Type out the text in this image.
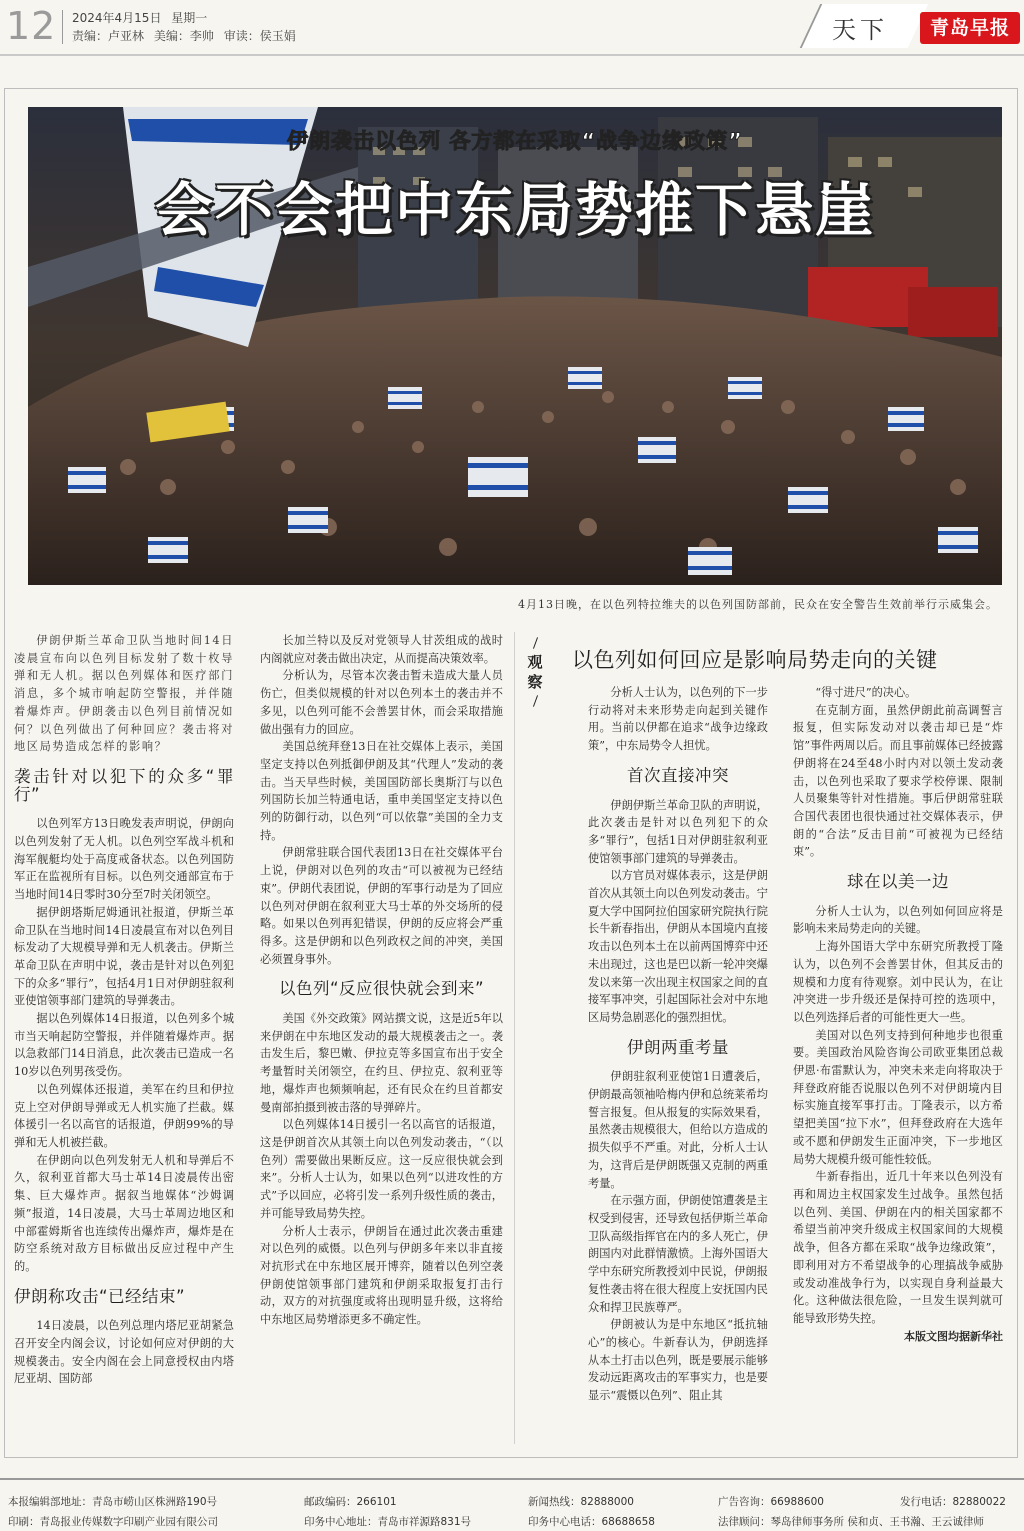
12 2024年4月15日 星期一
责编：卢亚林 美编：李帅 审读：侯玉娟	天下	青岛早报
伊朗袭击以色列 各方都在采取“战争边缘政策”
会不会把中东局势推下悬崖
4月13日晚，在以色列特拉维夫的以色列国防部前，民众在安全警告生效前举行示威集会。

伊朗伊斯兰革命卫队当地时间14日凌晨宣布向以色列目标发射了数十枚导弹和无人机。据以色列媒体和医疗部门消息，多个城市响起防空警报，并伴随着爆炸声。伊朗袭击以色列目前情况如何？以色列做出了何种回应？袭击将对地区局势造成怎样的影响？

袭击针对以犯下的众多“罪行”

以色列军方13日晚发表声明说，伊朗向以色列发射了无人机。以色列空军战斗机和海军舰艇均处于高度戒备状态。以色列国防军正在监视所有目标。以色列交通部宣布于当地时间14日零时30分至7时关闭领空。

据伊朗塔斯尼姆通讯社报道，伊斯兰革命卫队在当地时间14日凌晨宣布对以色列目标发动了大规模导弹和无人机袭击。伊斯兰革命卫队在声明中说，袭击是针对以色列犯下的众多“罪行”，包括4月1日对伊朗驻叙利亚使馆领事部门建筑的导弹袭击。

据以色列媒体14日报道，以色列多个城市当天响起防空警报，并伴随着爆炸声。据以急救部门14日消息，此次袭击已造成一名10岁以色列男孩受伤。

以色列媒体还报道，美军在约旦和伊拉克上空对伊朗导弹或无人机实施了拦截。媒体援引一名以高官的话报道，伊朗99%的导弹和无人机被拦截。

在伊朗向以色列发射无人机和导弹后不久，叙利亚首都大马士革14日凌晨传出密集、巨大爆炸声。据叙当地媒体“沙姆调频”报道，14日凌晨，大马士革周边地区和中部霍姆斯省也连续传出爆炸声，爆炸是在防空系统对敌方目标做出反应过程中产生的。

伊朗称攻击“已经结束”

14日凌晨，以色列总理内塔尼亚胡紧急召开安全内阁会议，讨论如何应对伊朗的大规模袭击。安全内阁在会上同意授权由内塔尼亚胡、国防部

长加兰特以及反对党领导人甘茨组成的战时内阁就应对袭击做出决定，从而提高决策效率。

分析认为，尽管本次袭击暂未造成大量人员伤亡，但类似规模的针对以色列本土的袭击并不多见，以色列可能不会善罢甘休，而会采取措施做出强有力的回应。

美国总统拜登13日在社交媒体上表示，美国坚定支持以色列抵御伊朗及其“代理人”发动的袭击。当天早些时候，美国国防部长奥斯汀与以色列国防长加兰特通电话，重申美国坚定支持以色列的防御行动，以色列“可以依靠”美国的全力支持。

伊朗常驻联合国代表团13日在社交媒体平台上说，伊朗对以色列的攻击“可以被视为已经结束”。伊朗代表团说，伊朗的军事行动是为了回应以色列对伊朗在叙利亚大马士革的外交场所的侵略。如果以色列再犯错误，伊朗的反应将会严重得多。这是伊朗和以色列政权之间的冲突，美国必须置身事外。

以色列“反应很快就会到来”

美国《外交政策》网站撰文说，这是近5年以来伊朗在中东地区发动的最大规模袭击之一。袭击发生后，黎巴嫩、伊拉克等多国宣布出于安全考量暂时关闭领空，在约旦、伊拉克、叙利亚等地，爆炸声也频频响起，还有民众在约旦首都安曼南部拍摄到被击落的导弹碎片。

以色列媒体14日援引一名以高官的话报道，这是伊朗首次从其领土向以色列发动袭击，“（以色列）需要做出果断反应。这一反应很快就会到来”。分析人士认为，如果以色列“以进攻性的方式”予以回应，必将引发一系列升级性质的袭击，并可能导致局势失控。

分析人士表示，伊朗旨在通过此次袭击重建对以色列的威慑。以色列与伊朗多年来以非直接对抗形式在中东地区展开博弈，随着以色列空袭伊朗使馆领事部门建筑和伊朗采取报复打击行动，双方的对抗强度或将出现明显升级，这将给中东地区局势增添更多不确定性。

观察
以色列如何回应是影响局势走向的关键

分析人士认为，以色列的下一步行动将对未来形势走向起到关键作用。当前以伊都在追求“战争边缘政策”，中东局势令人担忧。

首次直接冲突

伊朗伊斯兰革命卫队的声明说，此次袭击是针对以色列犯下的众多“罪行”，包括1日对伊朗驻叙利亚使馆领事部门建筑的导弹袭击。

以方官员对媒体表示，这是伊朗首次从其领土向以色列发动袭击。宁夏大学中国阿拉伯国家研究院执行院长牛新春指出，伊朗从本国境内直接攻击以色列本土在以前两国博弈中还未出现过，这也是巴以新一轮冲突爆发以来第一次出现主权国家之间的直接军事冲突，引起国际社会对中东地区局势急剧恶化的强烈担忧。

伊朗两重考量

伊朗驻叙利亚使馆1日遭袭后，伊朗最高领袖哈梅内伊和总统莱希均誓言报复。但从报复的实际效果看，虽然袭击规模很大，但给以方造成的损失似乎不严重。对此，分析人士认为，这背后是伊朗既强又克制的两重考量。

在示强方面，伊朗使馆遭袭是主权受到侵害，还导致包括伊斯兰革命卫队高级指挥官在内的多人死亡，伊朗国内对此群情激愤。上海外国语大学中东研究所教授刘中民说，伊朗报复性袭击将在很大程度上安抚国内民众和捍卫民族尊严。

伊朗被认为是中东地区“抵抗轴心”的核心。牛新春认为，伊朗选择从本土打击以色列，既是要展示能够发动远距离攻击的军事实力，也是要显示“震慑以色列”、阻止其

“得寸进尺”的决心。

在克制方面，虽然伊朗此前高调誓言报复，但实际发动对以袭击却已是“炸馆”事件两周以后。而且事前媒体已经披露伊朗将在24至48小时内对以领土发动袭击，以色列也采取了要求学校停课、限制人员聚集等针对性措施。事后伊朗常驻联合国代表团也很快通过社交媒体表示，伊朗的“合法”反击目前“可被视为已经结束”。

球在以美一边

分析人士认为，以色列如何回应将是影响未来局势走向的关键。

上海外国语大学中东研究所教授丁隆认为，以色列不会善罢甘休，但其反击的规模和力度有待观察。刘中民认为，在让冲突进一步升级还是保持可控的选项中，以色列选择后者的可能性更大一些。

美国对以色列支持到何种地步也很重要。美国政治风险咨询公司欧亚集团总裁伊恩·布雷默认为，冲突未来走向将取决于拜登政府能否说服以色列不对伊朗境内目标实施直接军事打击。丁隆表示，以方希望把美国“拉下水”，但拜登政府在大选年或不愿和伊朗发生正面冲突，下一步地区局势大规模升级可能性较低。

牛新春指出，近几十年来以色列没有再和周边主权国家发生过战争。虽然包括以色列、美国、伊朗在内的相关国家都不希望当前冲突升级成主权国家间的大规模战争，但各方都在采取“战争边缘政策”，即利用对方不希望战争的心理搞战争威胁或发动准战争行为，以实现自身利益最大化。这种做法很危险，一旦发生误判就可能导致形势失控。

本版文图均据新华社

本报编辑部地址：青岛市崂山区株洲路190号	邮政编码：266101	新闻热线：82888000	广告咨询：66988600	发行电话：82880022
印刷：青岛报业传媒数字印刷产业园有限公司	印务中心地址：青岛市祥源路831号	印务中心电话：68688658	法律顾问：琴岛律师事务所 侯和贞、王书瀚、王云诚律师
